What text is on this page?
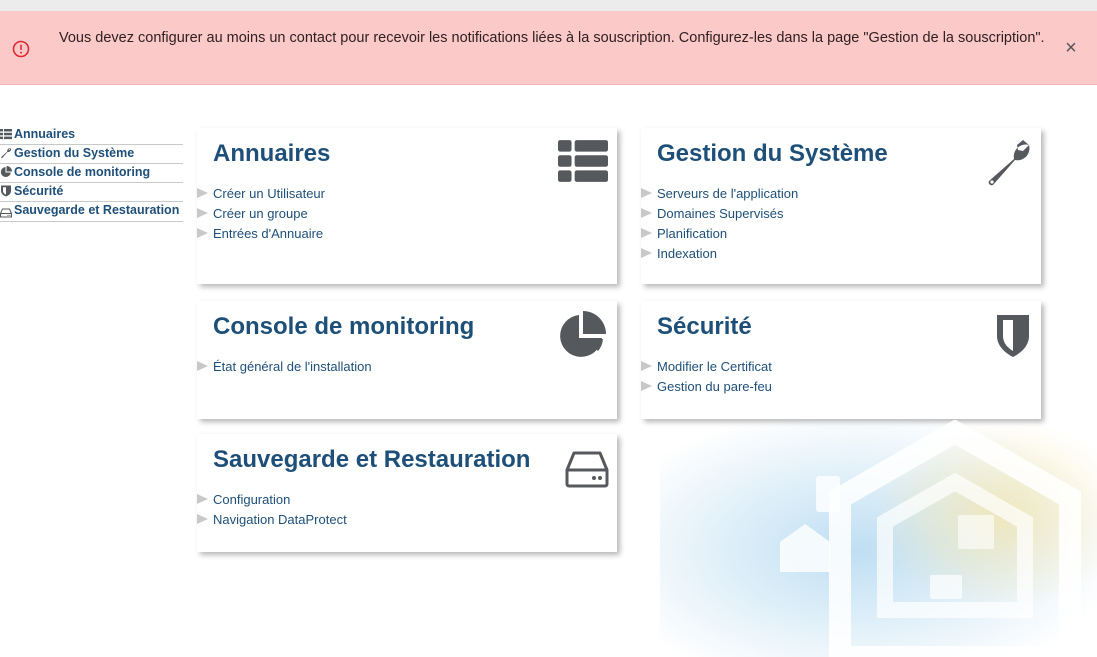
Vous devez configurer au moins un contact pour recevoir les notifications liées à la souscription. Configurez-les dans la page "Gestion de la souscription". ×
Annuaires
Gestion du Système
Console de monitoring
Sécurité
Sauvegarde et Restauration
Annuaires
Créer un Utilisateur
Créer un groupe
Entrées d'Annuaire
Gestion du Système
Serveurs de l'application
Domaines Supervisés
Planification
Indexation
Console de monitoring
État général de l'installation
Sécurité
Modifier le Certificat
Gestion du pare-feu
Sauvegarde et Restauration
Configuration
Navigation DataProtect
